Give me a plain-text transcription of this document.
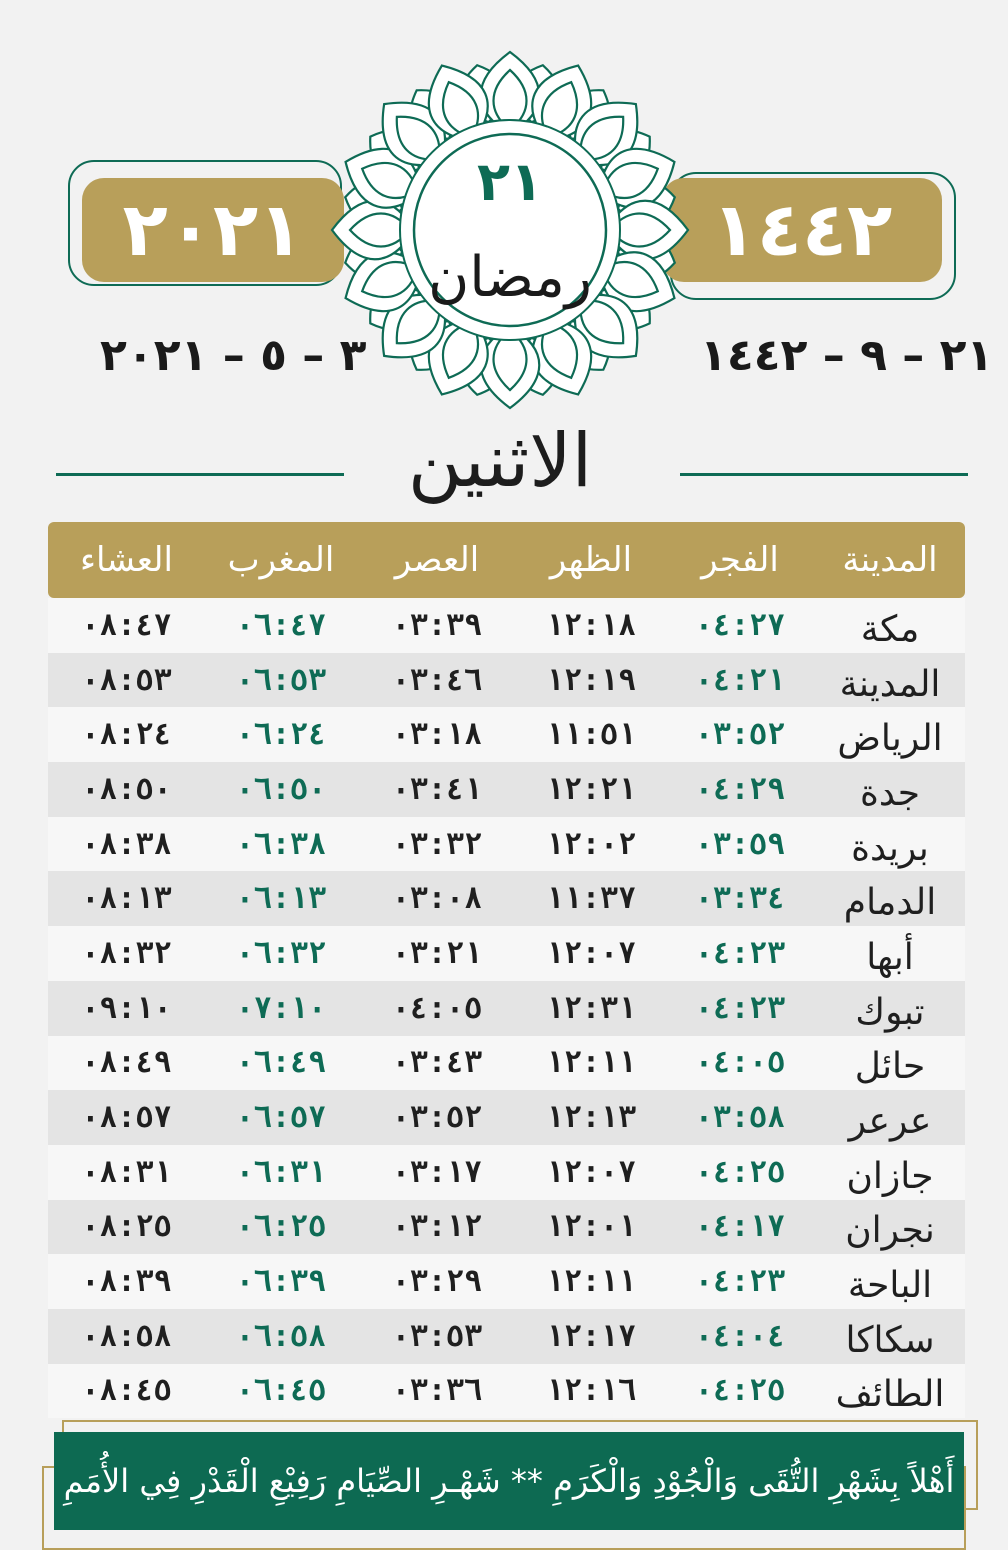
٢٠٢١	١٤٤٢
٣ – ٥ – ٢٠٢١	٢١ – ٩ – ١٤٤٢
٢١
رمضان
الاثنين
المدينة
الفجر
الظهر
العصر
المغرب
العشاء
مكة
٠٤:٢٧
١٢:١٨
٠٣:٣٩
٠٦:٤٧
٠٨:٤٧
المدينة
٠٤:٢١
١٢:١٩
٠٣:٤٦
٠٦:٥٣
٠٨:٥٣
الرياض
٠٣:٥٢
١١:٥١
٠٣:١٨
٠٦:٢٤
٠٨:٢٤
جدة
٠٤:٢٩
١٢:٢١
٠٣:٤١
٠٦:٥٠
٠٨:٥٠
بريدة
٠٣:٥٩
١٢:٠٢
٠٣:٣٢
٠٦:٣٨
٠٨:٣٨
الدمام
٠٣:٣٤
١١:٣٧
٠٣:٠٨
٠٦:١٣
٠٨:١٣
أبها
٠٤:٢٣
١٢:٠٧
٠٣:٢١
٠٦:٣٢
٠٨:٣٢
تبوك
٠٤:٢٣
١٢:٣١
٠٤:٠٥
٠٧:١٠
٠٩:١٠
حائل
٠٤:٠٥
١٢:١١
٠٣:٤٣
٠٦:٤٩
٠٨:٤٩
عرعر
٠٣:٥٨
١٢:١٣
٠٣:٥٢
٠٦:٥٧
٠٨:٥٧
جازان
٠٤:٢٥
١٢:٠٧
٠٣:١٧
٠٦:٣١
٠٨:٣١
نجران
٠٤:١٧
١٢:٠١
٠٣:١٢
٠٦:٢٥
٠٨:٢٥
الباحة
٠٤:٢٣
١٢:١١
٠٣:٢٩
٠٦:٣٩
٠٨:٣٩
سكاكا
٠٤:٠٤
١٢:١٧
٠٣:٥٣
٠٦:٥٨
٠٨:٥٨
الطائف
٠٤:٢٥
١٢:١٦
٠٣:٣٦
٠٦:٤٥
٠٨:٤٥
أَهْلاً بِشَهْرِ التُّقَى وَالْجُوْدِ وَالْكَرَمِ ** شَهْـرِ الصِّيَامِ رَفِيْعِ الْقَدْرِ فِي الأُمَمِ
